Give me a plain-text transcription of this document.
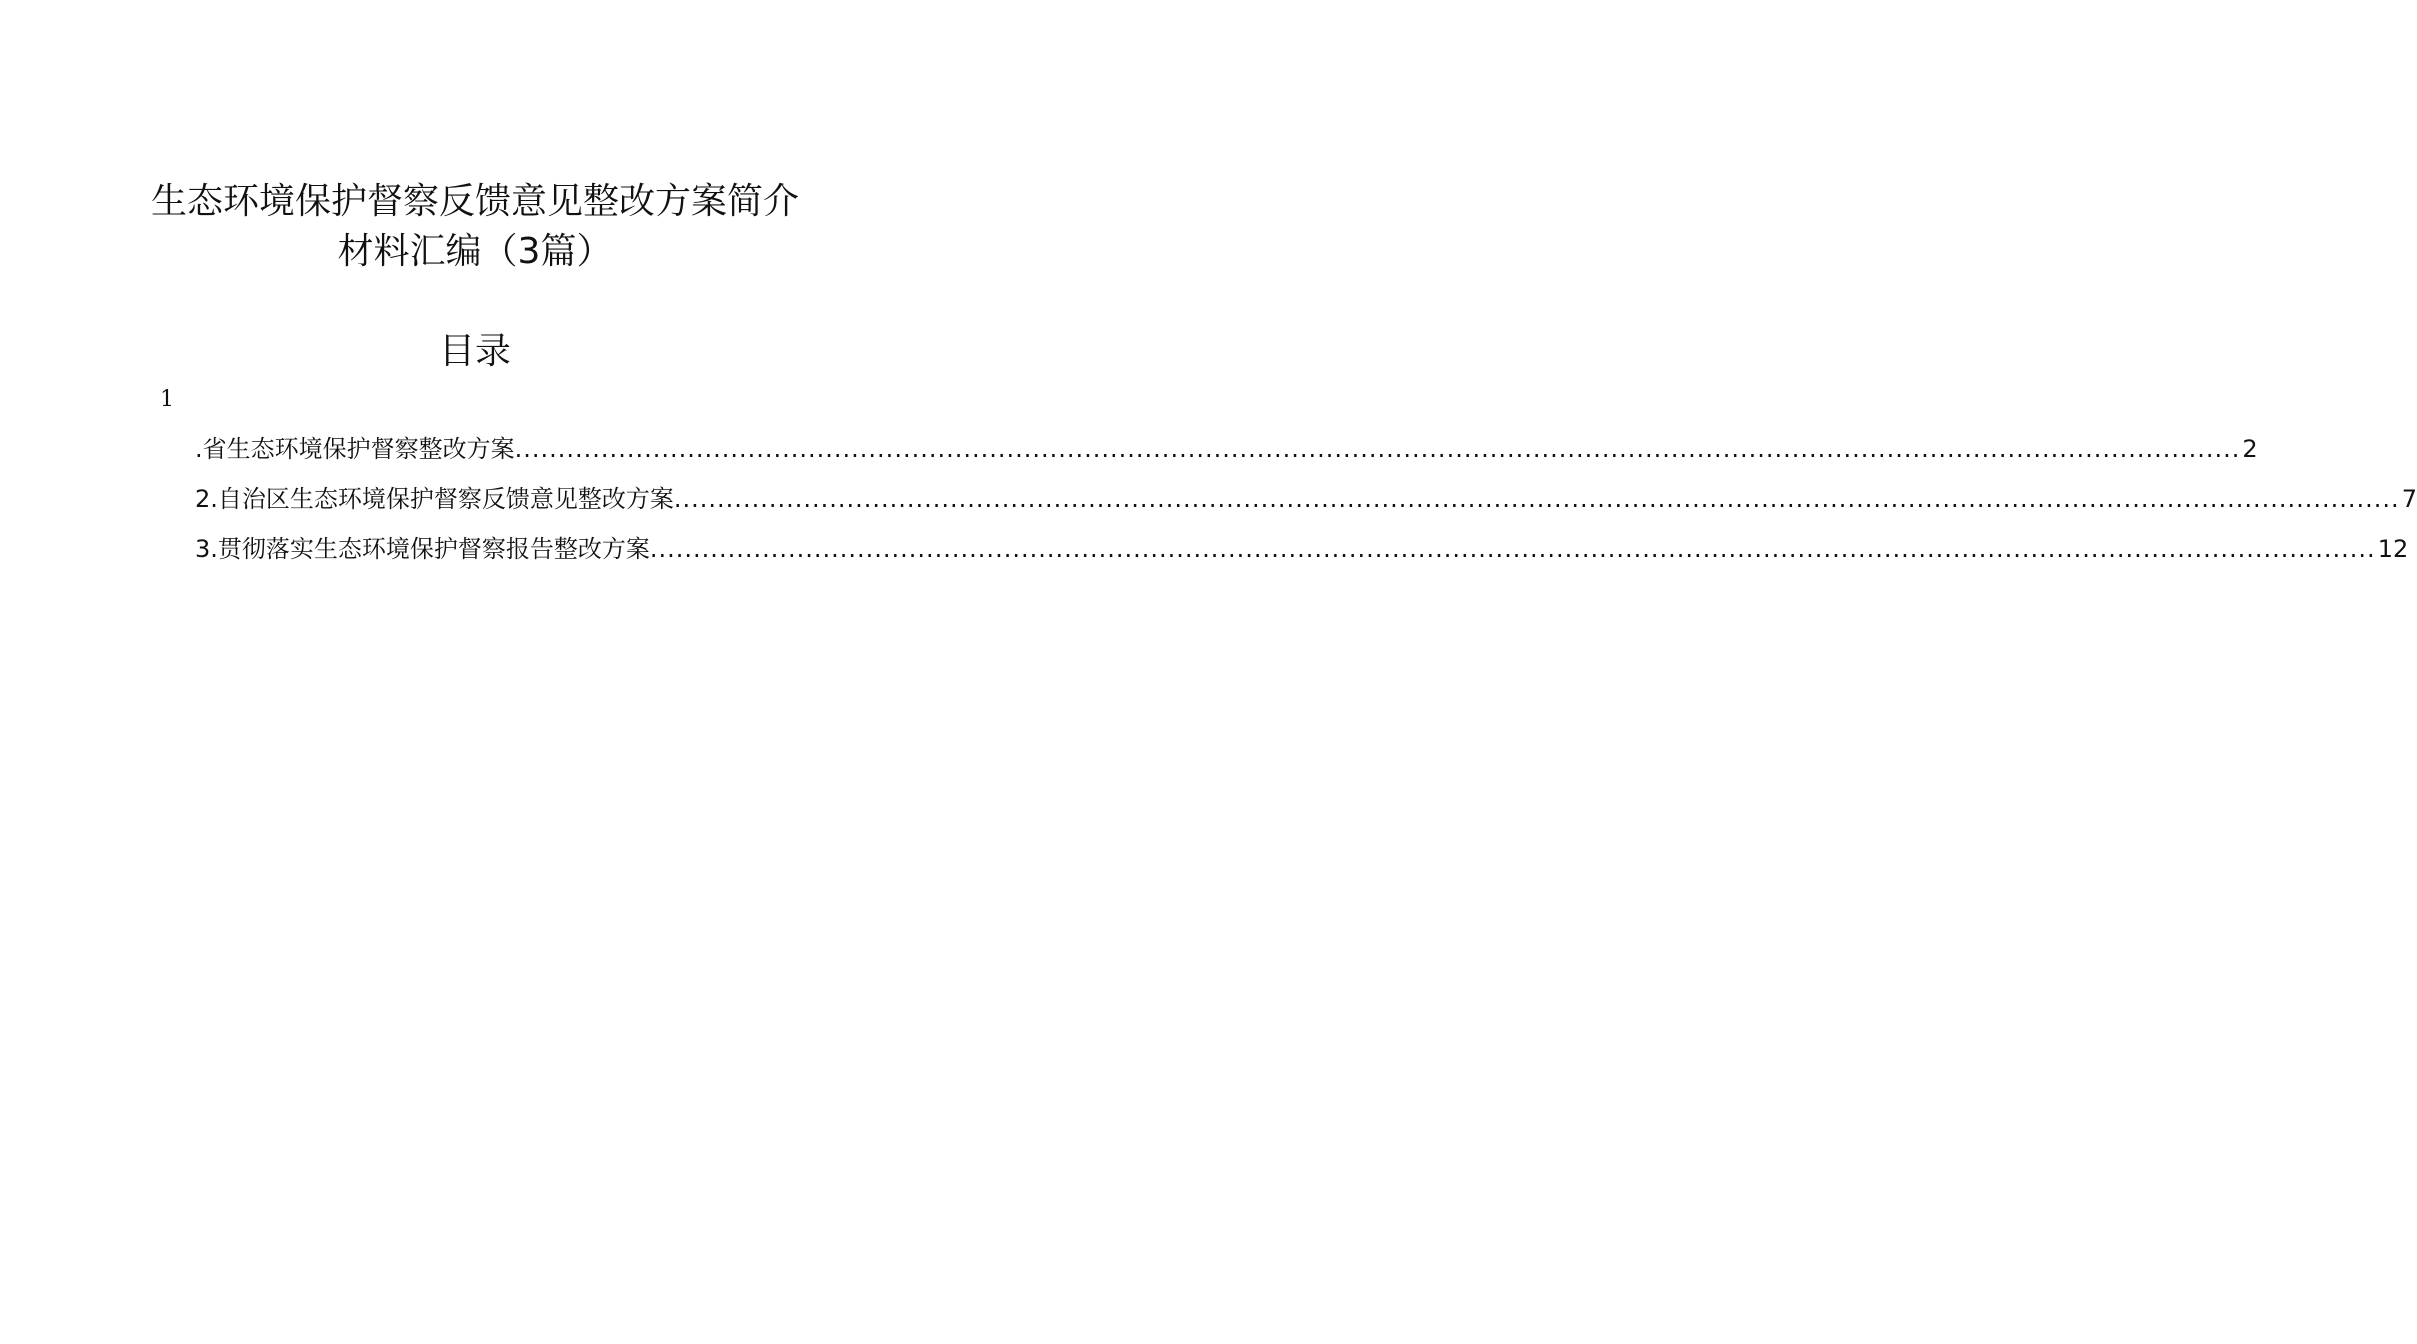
生态环境保护督察反馈意见整改方案简介
材料汇编（3篇）
目录
1
.省生态环境保护督察整改方案 ........................................................................................................................................................................................................ 2
2.自治区生态环境保护督察反馈意见整改方案 ........................................................................................................................................................................................................ 7
3.贯彻落实生态环境保护督察报告整改方案 ........................................................................................................................................................................................................ 12
